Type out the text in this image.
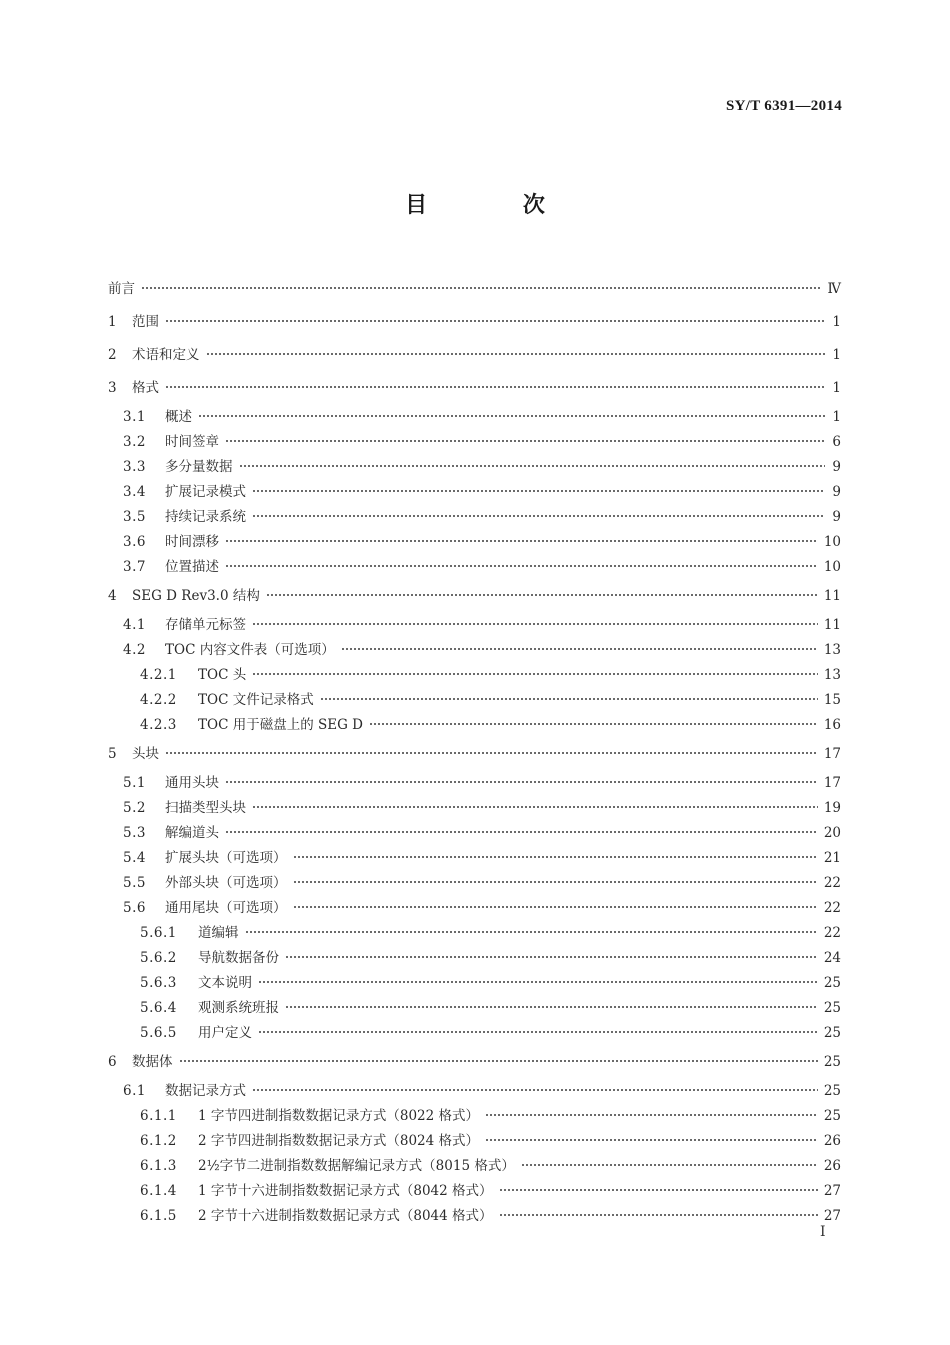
SY/T 6391—2014
目 次
前言	Ⅳ
1	范围	1
2	术语和定义	1
3	格式	1
3.1	概述	1
3.2	时间签章	6
3.3	多分量数据	9
3.4	扩展记录模式	9
3.5	持续记录系统	9
3.6	时间漂移	10
3.7	位置描述	10
4	SEG D Rev3.0 结构	11
4.1	存储单元标签	11
4.2	TOC 内容文件表（可选项）	13
4.2.1	TOC 头	13
4.2.2	TOC 文件记录格式	15
4.2.3	TOC 用于磁盘上的 SEG D	16
5	头块	17
5.1	通用头块	17
5.2	扫描类型头块	19
5.3	解编道头	20
5.4	扩展头块（可选项）	21
5.5	外部头块（可选项）	22
5.6	通用尾块（可选项）	22
5.6.1	道编辑	22
5.6.2	导航数据备份	24
5.6.3	文本说明	25
5.6.4	观测系统班报	25
5.6.5	用户定义	25
6	数据体	25
6.1	数据记录方式	25
6.1.1	1 字节四进制指数数据记录方式（8022 格式）	25
6.1.2	2 字节四进制指数数据记录方式（8024 格式）	26
6.1.3	2½字节二进制指数数据解编记录方式（8015 格式）	26
6.1.4	1 字节十六进制指数数据记录方式（8042 格式）	27
6.1.5	2 字节十六进制指数数据记录方式（8044 格式）	27
Ⅰ
